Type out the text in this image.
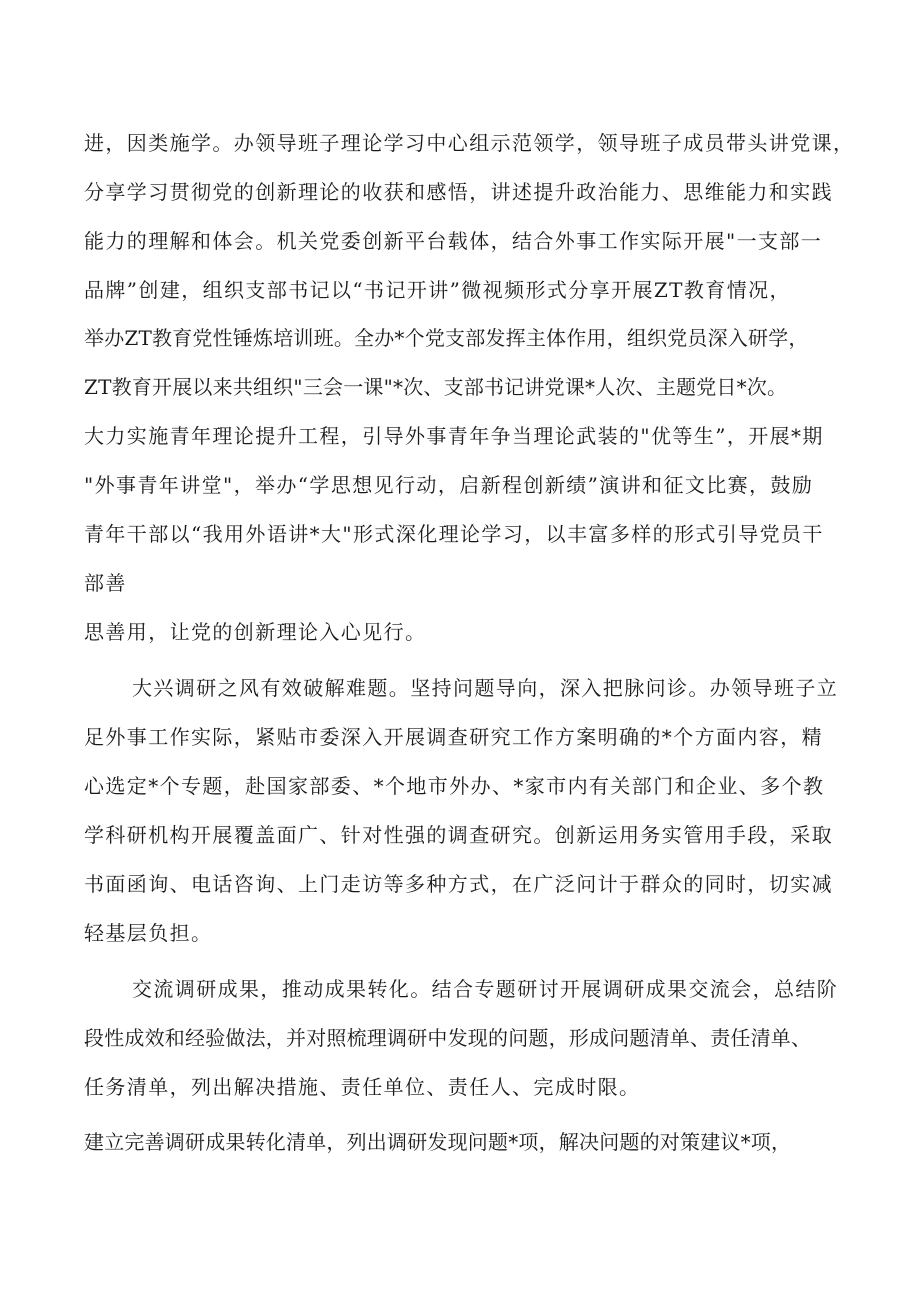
进，因类施学。办领导班子理论学习中心组示范领学，领导班子成员带头讲党课，
分享学习贯彻党的创新理论的收获和感悟，讲述提升政治能力、思维能力和实践
能力的理解和体会。机关党委创新平台载体，结合外事工作实际开展"一支部一
品牌”创建，组织支部书记以“书记开讲”微视频形式分享开展ZT教育情况，
举办ZT教育党性锤炼培训班。全办*个党支部发挥主体作用，组织党员深入研学，
ZT教育开展以来共组织"三会一课"*次、支部书记讲党课*人次、主题党日*次。
大力实施青年理论提升工程，引导外事青年争当理论武装的"优等生”，开展*期
"外事青年讲堂"，举办“学思想见行动，启新程创新绩”演讲和征文比赛，鼓励
青年干部以“我用外语讲*大"形式深化理论学习，以丰富多样的形式引导党员干
部善
思善用，让党的创新理论入心见行。
大兴调研之风有效破解难题。坚持问题导向，深入把脉问诊。办领导班子立
足外事工作实际，紧贴市委深入开展调查研究工作方案明确的*个方面内容，精
心选定*个专题，赴国家部委、*个地市外办、*家市内有关部门和企业、多个教
学科研机构开展覆盖面广、针对性强的调查研究。创新运用务实管用手段，采取
书面函询、电话咨询、上门走访等多种方式，在广泛问计于群众的同时，切实减
轻基层负担。
交流调研成果，推动成果转化。结合专题研讨开展调研成果交流会，总结阶
段性成效和经验做法，并对照梳理调研中发现的问题，形成问题清单、责任清单、
任务清单，列出解决措施、责任单位、责任人、完成时限。
建立完善调研成果转化清单，列出调研发现问题*项，解决问题的对策建议*项，
